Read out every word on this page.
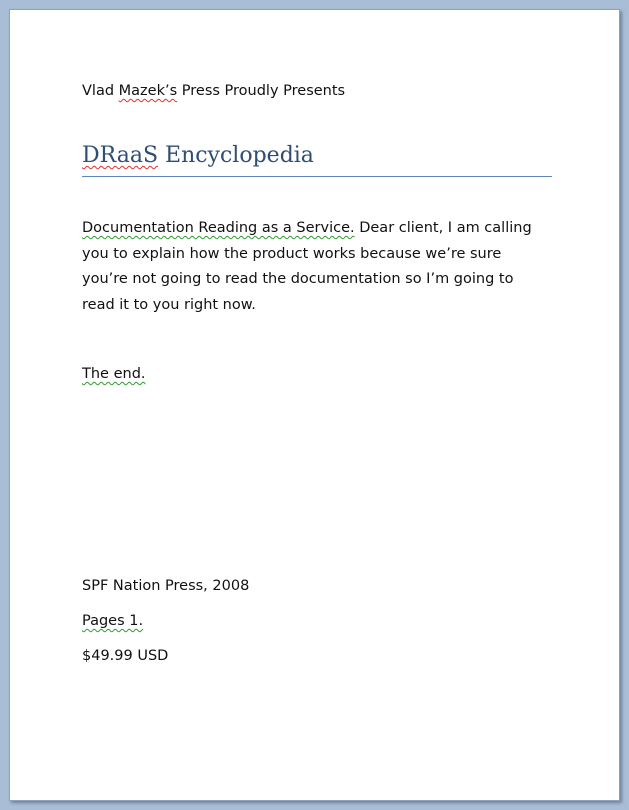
Vlad Mazek’s Press Proudly Presents
DRaaS Encyclopedia
Documentation Reading as a Service. Dear client, I am calling
you to explain how the product works because we’re sure
you’re not going to read the documentation so I’m going to
read it to you right now.
The end.
SPF Nation Press, 2008
Pages 1.
$49.99 USD
